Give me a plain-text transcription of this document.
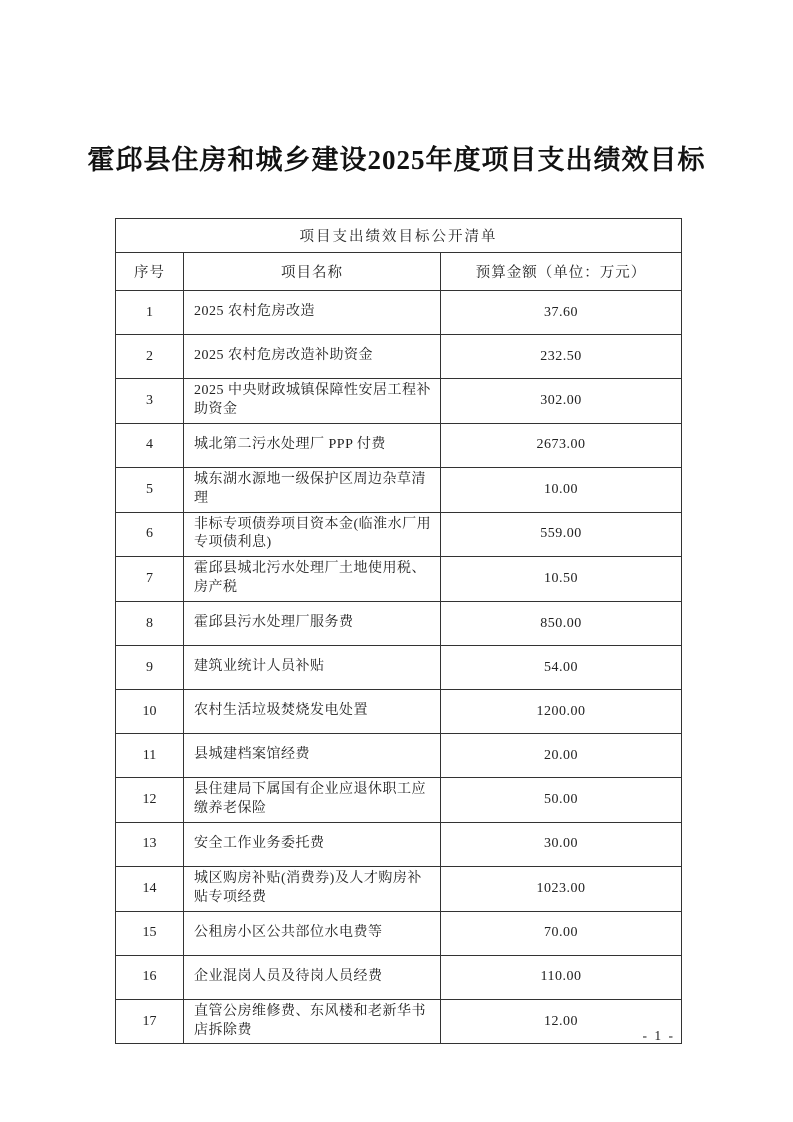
霍邱县住房和城乡建设2025年度项目支出绩效目标
项目支出绩效目标公开清单		
序号	项目名称	预算金额（单位：万元）
1	2025 农村危房改造	37.60
2	2025 农村危房改造补助资金	232.50
3	2025 中央财政城镇保障性安居工程补助资金	302.00
4	城北第二污水处理厂 PPP 付费	2673.00
5	城东湖水源地一级保护区周边杂草清理	10.00
6	非标专项债券项目资本金(临淮水厂用专项债利息)	559.00
7	霍邱县城北污水处理厂土地使用税、房产税	10.50
8	霍邱县污水处理厂服务费	850.00
9	建筑业统计人员补贴	54.00
10	农村生活垃圾焚烧发电处置	1200.00
11	县城建档案馆经费	20.00
12	县住建局下属国有企业应退休职工应缴养老保险	50.00
13	安全工作业务委托费	30.00
14	城区购房补贴(消费券)及人才购房补贴专项经费	1023.00
15	公租房小区公共部位水电费等	70.00
16	企业混岗人员及待岗人员经费	110.00
17	直管公房维修费、东风楼和老新华书店拆除费	12.00
- 1 -
